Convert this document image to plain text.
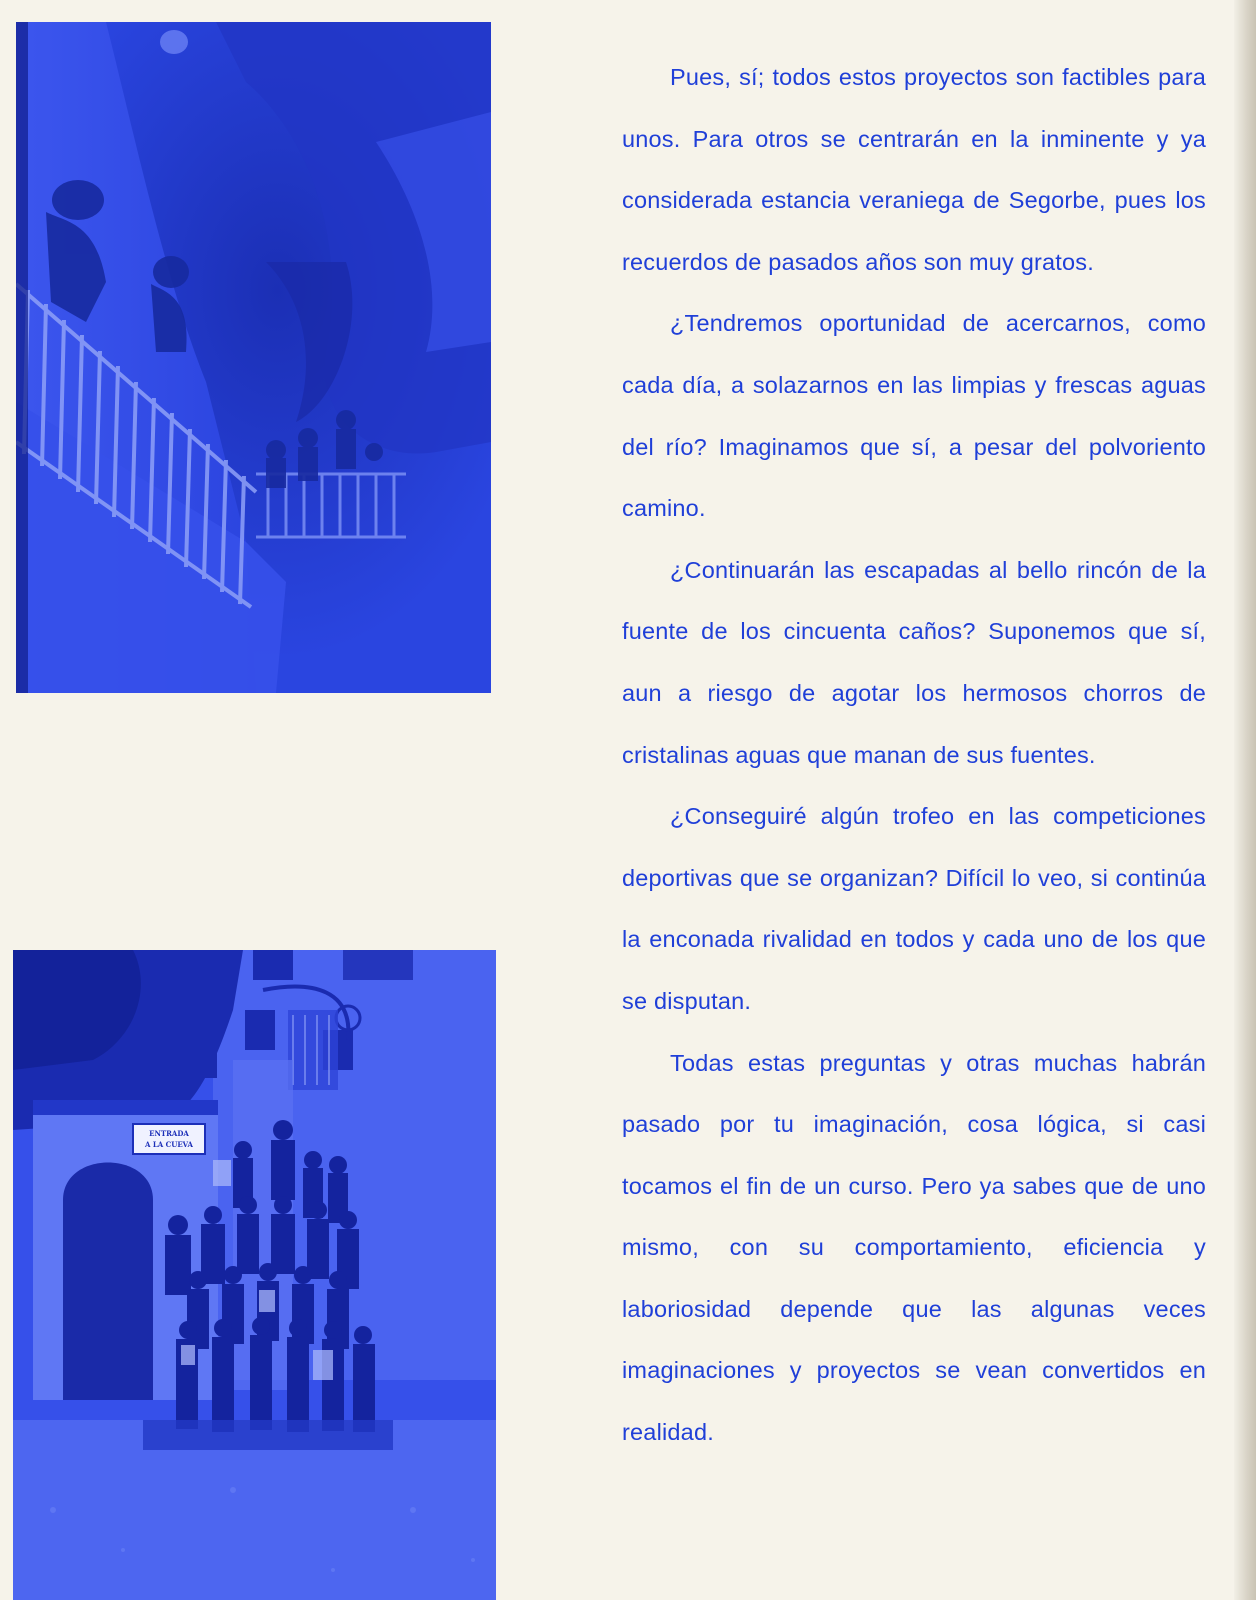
ENTRADA
A LA CUEVA

Pues, sí; todos estos proyectos son factibles para unos. Para otros se centrarán en la inminente y ya considerada estancia veraniega de Segorbe, pues los recuerdos de pasados años son muy gratos.

¿Tendremos oportunidad de acercarnos, como cada día, a solazarnos en las limpias y frescas aguas del río? Imaginamos que sí, a pesar del polvoriento camino.

¿Continuarán las escapadas al bello rincón de la fuente de los cincuenta caños? Suponemos que sí, aun a riesgo de agotar los hermosos chorros de cristalinas aguas que manan de sus fuentes.

¿Conseguiré algún trofeo en las competiciones deportivas que se organizan? Difícil lo veo, si continúa la enconada rivalidad en todos y cada uno de los que se disputan.

Todas estas preguntas y otras muchas habrán pasado por tu imaginación, cosa lógica, si casi tocamos el fin de un curso. Pero ya sabes que de uno mismo, con su comportamiento, eficiencia y laboriosidad depende que las algunas veces imaginaciones y proyectos se vean convertidos en realidad.
